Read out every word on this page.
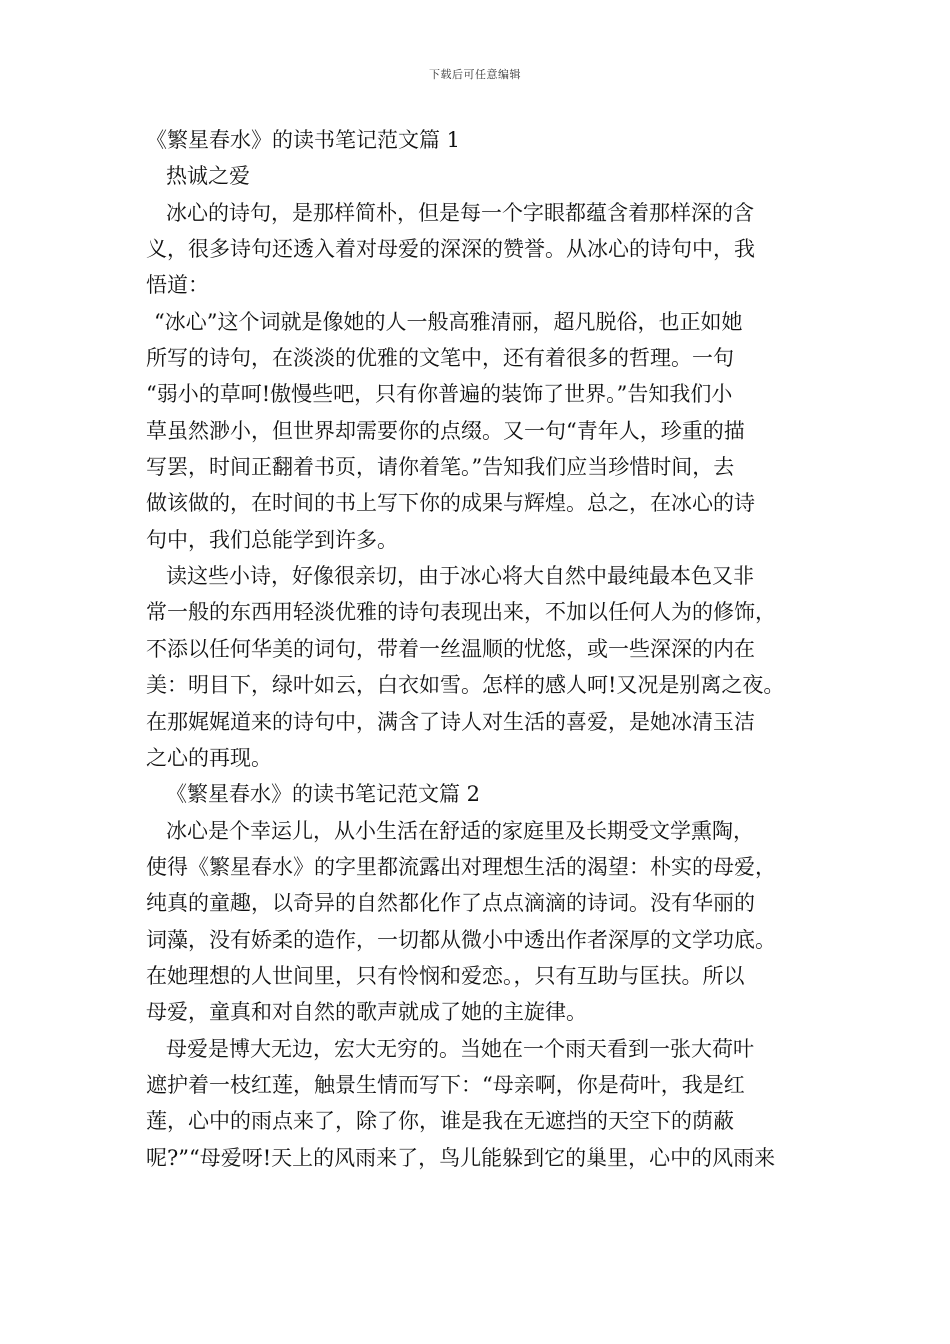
下载后可任意编辑
《繁星春水》的读书笔记范文篇 1
热诚之爱
冰心的诗句，是那样简朴，但是每一个字眼都蕴含着那样深的含
义，很多诗句还透入着对母爱的深深的赞誉。从冰心的诗句中，我
悟道：
“冰心”这个词就是像她的人一般高雅清丽，超凡脱俗，也正如她
所写的诗句，在淡淡的优雅的文笔中，还有着很多的哲理。一句
“弱小的草呵!傲慢些吧，只有你普遍的装饰了世界。”告知我们小
草虽然渺小，但世界却需要你的点缀。又一句“青年人，珍重的描
写罢，时间正翻着书页，请你着笔。”告知我们应当珍惜时间，去
做该做的，在时间的书上写下你的成果与辉煌。总之，在冰心的诗
句中，我们总能学到许多。
读这些小诗，好像很亲切，由于冰心将大自然中最纯最本色又非
常一般的东西用轻淡优雅的诗句表现出来，不加以任何人为的修饰，
不添以任何华美的词句，带着一丝温顺的忧悠，或一些深深的内在
美：明目下，绿叶如云，白衣如雪。怎样的感人呵!又况是别离之夜。
在那娓娓道来的诗句中，满含了诗人对生活的喜爱，是她冰清玉洁
之心的再现。
《繁星春水》的读书笔记范文篇 2
冰心是个幸运儿，从小生活在舒适的家庭里及长期受文学熏陶，
使得《繁星春水》的字里都流露出对理想生活的渴望：朴实的母爱，
纯真的童趣，以奇异的自然都化作了点点滴滴的诗词。没有华丽的
词藻，没有娇柔的造作，一切都从微小中透出作者深厚的文学功底。
在她理想的人世间里，只有怜悯和爱恋。，只有互助与匡扶。所以
母爱，童真和对自然的歌声就成了她的主旋律。
母爱是博大无边，宏大无穷的。当她在一个雨天看到一张大荷叶
遮护着一枝红莲，触景生情而写下：“母亲啊，你是荷叶，我是红
莲，心中的雨点来了，除了你，谁是我在无遮挡的天空下的荫蔽
呢?”“母爱呀!天上的风雨来了，鸟儿能躲到它的巢里，心中的风雨来
